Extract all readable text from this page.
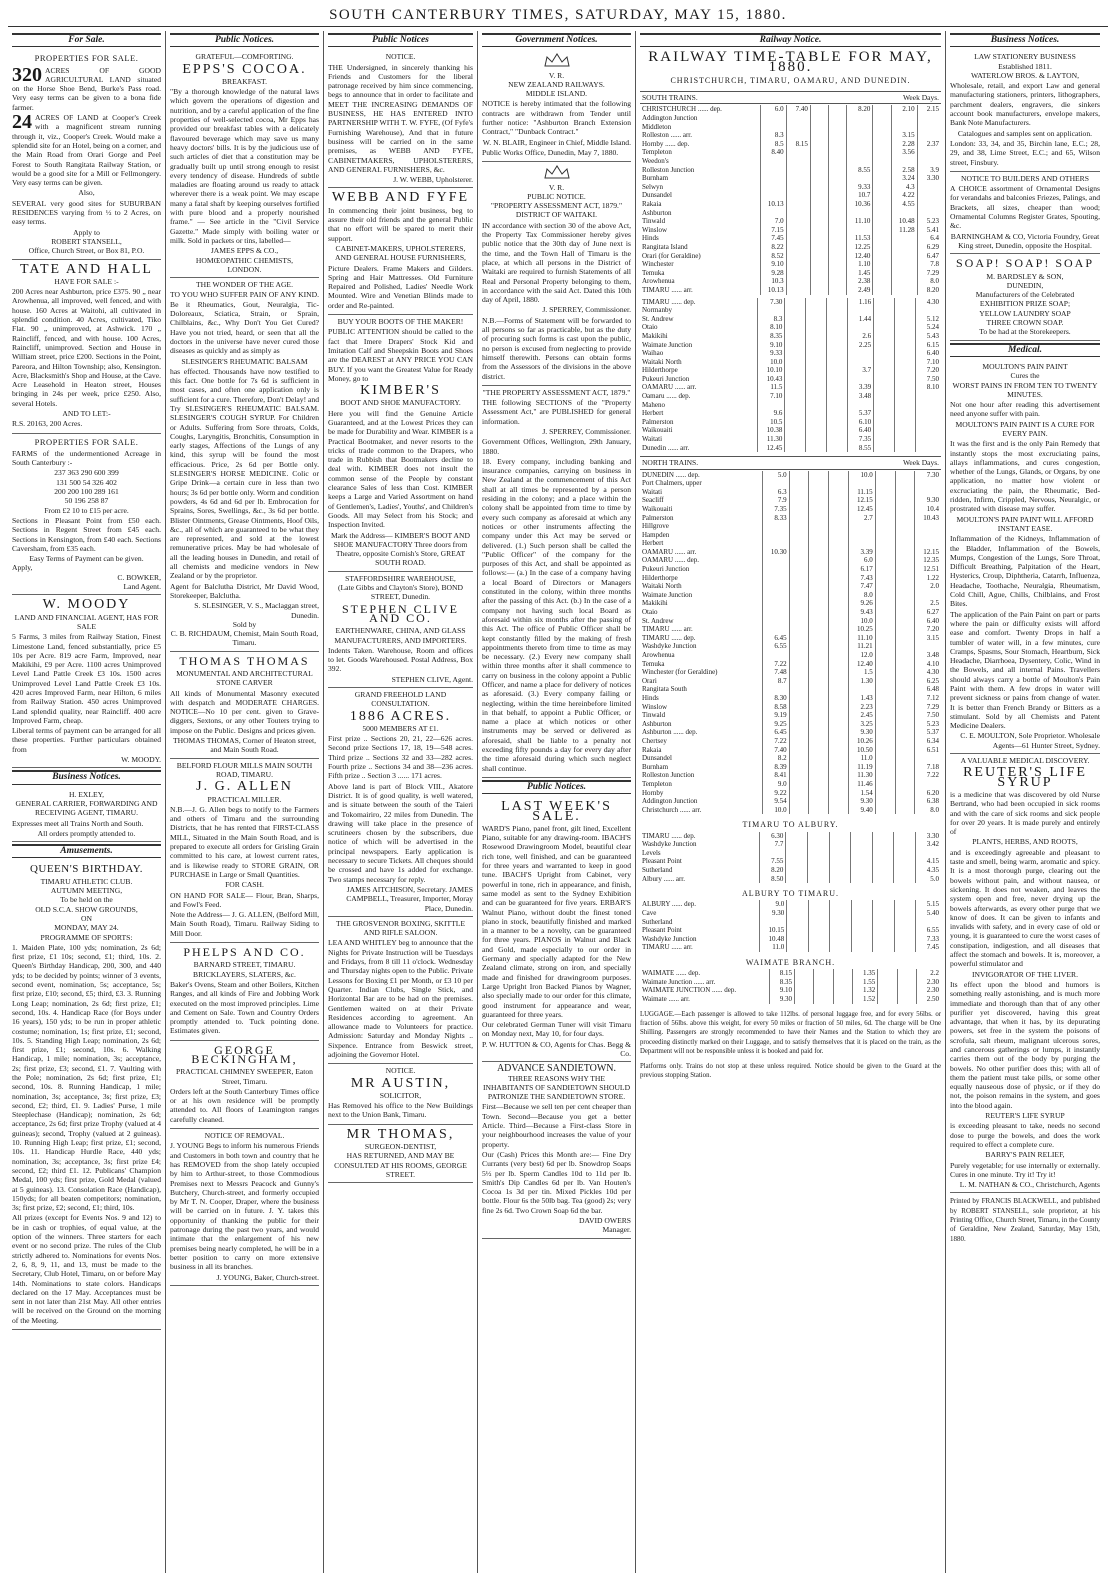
SOUTH CANTERBURY TIMES, SATURDAY, MAY 15, 1880.
For Sale.
PROPERTIES FOR SALE.
320 ACRES OF GOOD AGRICULTURAL LAND situated on the Horse Shoe Bend, Burke's Pass road. Very easy terms can be given to a bona fide farmer.
24 ACRES OF LAND at Cooper's Creek with a magnificent stream running through it, viz., Cooper's Creek. Would make a splendid site for an Hotel, being on a corner, and the Main Road from Orari Gorge and Peel Forest to South Rangitata Railway Station, or would be a good site for a Mill or Fellmongery. Very easy terms can be given.
Also,
SEVERAL very good sites for SUBURBAN RESIDENCES varying from ½ to 2 Acres, on easy terms.
Apply to
ROBERT STANSELL,
Office, Church Street, or Box 81, P.O.
TATE AND HALL
HAVE FOR SALE :-
200 Acres near Ashburton, price £375. 90 „ near Arowhenua, all improved, well fenced, and with house. 160 Acres at Waitohi, all cultivated in splendid condition. 40 Acres, cultivated, Tiko Flat. 90 „ unimproved, at Ashwick. 170 „ Raincliff, fenced, and with house. 100 Acres, Raincliff, unimproved. Section and House in William street, price £200. Sections in the Point, Pareora, and Hilton Township; also, Kensington. Acre, Blacksmith's Shop and House, at the Cave. Acre Leasehold in Heaton street, Houses bringing in 24s per week, price £250. Also, several Hotels.
AND TO LET:-
R.S. 20163, 200 Acres.
PROPERTIES FOR SALE.
FARMS of the undermentioned Acreage in South Canterbury :-
237 363 290 600 399
131 500 54 326 402
200 200 100 289 161
50 196 258 87
From £2 10 to £15 per acre.
Sections in Pleasant Point from £50 each. Sections in Regent Street from £45 each. Sections in Kensington, from £40 each. Sections Caversham, from £35 each.
Easy Terms of Payment can be given.
Apply,
C. BOWKER,
Land Agent.
W. MOODY
LAND AND FINANCIAL AGENT, HAS FOR SALE
5 Farms, 3 miles from Railway Station, Finest Limestone Land, fenced substantially, price £5 10s per Acre. 819 acre Farm, Improved, near Makikihi, £9 per Acre. 1100 acres Unimproved Level Land Pattle Creek £3 10s. 1500 acres Unimproved Level Land Pattle Creek £3 10s. 420 acres Improved Farm, near Hilton, 6 miles from Railway Station. 450 acres Unimproved Land splendid quality, near Raincliff. 400 acre Improved Farm, cheap.
Liberal terms of payment can be arranged for all these properties. Further particulars obtained from
W. MOODY.
Business Notices.
H. EXLEY,
GENERAL CARRIER, FORWARDING AND RECEIVING AGENT, TIMARU.
Expresses meet all Trains North and South.
All orders promptly attended to.
Amusements.
QUEEN'S BIRTHDAY.
TIMARU ATHLETIC CLUB.
AUTUMN MEETING,
To be held on the
OLD S.C.A. SHOW GROUNDS,
ON
MONDAY, MAY 24.
PROGRAMME OF SPORTS:
1. Maiden Plate, 100 yds; nomination, 2s 6d; first prize, £1 10s; second, £1; third, 10s. 2. Queen's Birthday Handicap, 200, 300, and 440 yds; to be decided by points; winner of 3 events, second event, nomination, 5s; acceptance, 5s; first prize, £10; second, £5; third, £3. 3. Running Long Leap; nomination, 2s 6d; first prize, £1; second, 10s. 4. Handicap Race (for Boys under 16 years), 150 yds; to be run in proper athletic costume; nomination, 1s; first prize, £1; second, 10s. 5. Standing High Leap; nomination, 2s 6d; first prize, £1; second, 10s. 6. Walking Handicap, 1 mile; nomination, 3s; acceptance, 2s; first prize, £3; second, £1. 7. Vaulting with the Pole; nomination, 2s 6d; first prize, £1; second, 10s. 8. Running Handicap, 1 mile; nomination, 3s; acceptance, 3s; first prize, £3; second, £2; third, £1. 9. Ladies' Purse, 1 mile Steeplechase (Handicap); nomination, 2s 6d; acceptance, 2s 6d; first prize Trophy (valued at 4 guineas); second, Trophy (valued at 2 guineas). 10. Running High Leap; first prize, £1; second, 10s. 11. Handicap Hurdle Race, 440 yds; nomination, 3s; acceptance, 3s; first prize £4; second, £2; third £1. 12. Publicans' Champion Medal, 100 yds; first prize, Gold Medal (valued at 5 guineas). 13. Consolation Race (Handicap), 150yds; for all beaten competitors; nomination, 3s; first prize, £2; second, £1; third, 10s.
All prizes (except for Events Nos. 9 and 12) to be in cash or trophies, of equal value, at the option of the winners. Three starters for each event or no second prize. The rules of the Club strictly adhered to. Nominations for events Nos. 2, 6, 8, 9, 11, and 13, must be made to the Secretary, Club Hotel, Timaru, on or before May 14th. Nominations to state colors. Handicaps declared on the 17 May. Acceptances must be sent in not later than 21st May. All other entries will be received on the Ground on the morning of the Meeting.
Public Notices.
GRATEFUL—COMFORTING.
EPPS'S COCOA.
BREAKFAST.
"By a thorough knowledge of the natural laws which govern the operations of digestion and nutrition, and by a careful application of the fine properties of well-selected cocoa, Mr Epps has provided our breakfast tables with a delicately flavoured beverage which may save us many heavy doctors' bills. It is by the judicious use of such articles of diet that a constitution may be gradually built up until strong enough to resist every tendency of disease. Hundreds of subtle maladies are floating around us ready to attack wherever there is a weak point. We may escape many a fatal shaft by keeping ourselves fortified with pure blood and a properly nourished frame." — See article in the "Civil Service Gazette." Made simply with boiling water or milk. Sold in packets or tins, labelled—
JAMES EPPS & CO.,
HOMŒOPATHIC CHEMISTS,
LONDON.
THE WONDER OF THE AGE.
TO YOU WHO SUFFER PAIN OF ANY KIND. Be it Rheumatics, Gout, Neuralgia, Tic-Doloreaux, Sciatica, Strain, or Sprain, Chilblains, &c., Why Don't You Get Cured? Have you not tried, heard, or seen that all the doctors in the universe have never cured those diseases as quickly and as simply as
SLESINGER'S RHEUMATIC BALSAM
has effected. Thousands have now testified to this fact. One bottle for 7s 6d is sufficient in most cases, and often one application only is sufficient for a cure. Therefore, Don't Delay! and Try SLESINGER'S RHEUMATIC BALSAM. SLESINGER'S COUGH SYRUP. For Children or Adults. Suffering from Sore throats, Colds, Coughs, Laryngitis, Bronchitis, Consumption in early stages, Affections of the Lungs of any kind, this syrup will be found the most efficacious. Price, 2s 6d per Bottle only. SLESINGER'S HORSE MEDICINE. Colic or Gripe Drink—a certain cure in less than two hours; 3s 6d per bottle only. Worm and condition powders, 4s 6d and 6d per lb. Embrocation for Sprains, Sores, Swellings, &c., 3s 6d per bottle. Blister Ointments, Grease Ointments, Hoof Oils, &c., all of which are guaranteed to be what they are represented, and sold at the lowest remunerative prices. May be had wholesale of all the leading houses in Dunedin, and retail of all chemists and medicine vendors in New Zealand or by the proprietor.
Agent for Balclutha District, Mr David Wood, Storekeeper, Balclutha.
S. SLESINGER, V. S., Maclaggan street, Dunedin.
Sold by
C. B. RICHDAUM, Chemist, Main South Road, Timaru.
THOMAS THOMAS
MONUMENTAL AND ARCHITECTURAL STONE CARVER
All kinds of Monumental Masonry executed with despatch and MODERATE CHARGES. NOTICE—No 10 per cent. given to Grave-diggers, Sextons, or any other Touters trying to impose on the Public. Designs and prices given.
THOMAS THOMAS, Corner of Heaton street, and Main South Road.
BELFORD FLOUR MILLS MAIN SOUTH ROAD, TIMARU.
J. G. ALLEN
PRACTICAL MILLER.
N.B.—J. G. Allen begs to notify to the Farmers and others of Timaru and the surrounding Districts, that he has rented that FIRST-CLASS MILL, Situated in the Main South Road, and is prepared to execute all orders for Grisling Grain committed to his care, at lowest current rates, and is likewise ready to STORE GRAIN, OR PURCHASE in Large or Small Quantities.
FOR CASH.
ON HAND FOR SALE— Flour, Bran, Sharps, and Fowl's Feed.
Note the Address— J. G. ALLEN, (Belford Mill, Main South Road), Timaru. Railway Siding to Mill Door.
PHELPS AND CO.
BARNARD STREET, TIMARU. BRICKLAYERS, SLATERS, &c.
Baker's Ovens, Steam and other Boilers, Kitchen Ranges, and all kinds of Fire and Jobbing Work executed on the most improved principles. Lime and Cement on Sale. Town and Country Orders promptly attended to. Tuck pointing done. Estimates given.
GEORGE BECKINGHAM,
PRACTICAL CHIMNEY SWEEPER, Eaton Street, Timaru.
Orders left at the South Canterbury Times office or at his own residence will be promptly attended to. All floors of Leamington ranges carefully cleaned.
NOTICE OF REMOVAL.
J. YOUNG Begs to inform his numerous Friends and Customers in both town and country that he has REMOVED from the shop lately occupied by him to Arthur-street, to those Commodious Premises next to Messrs Peacock and Gunny's Butchery, Church-street, and formerly occupied by Mr T. N. Cooper, Draper, where the business will be carried on in future. J. Y. takes this opportunity of thanking the public for their patronage during the past two years, and would intimate that the enlargement of his new premises being nearly completed, he will be in a better position to carry on more extensive business in all its branches.
J. YOUNG, Baker, Church-street.
Public Notices
NOTICE.
THE Undersigned, in sincerely thanking his Friends and Customers for the liberal patronage received by him since commencing, begs to announce that in order to facilitate and MEET THE INCREASING DEMANDS OF BUSINESS, HE HAS ENTERED INTO PARTNERSHIP WITH T. W. FYFE, (Of Fyfe's Furnishing Warehouse), And that in future business will be carried on in the same premises, as WEBB AND FYFE, CABINETMAKERS, UPHOLSTERERS, AND GENERAL FURNISHERS, &c.
J. W. WEBB, Upholsterer.
WEBB AND FYFE
In commencing their joint business, beg to assure their old friends and the general Public that no effort will be spared to merit their support.
CABINET-MAKERS, UPHOLSTERERS, AND GENERAL HOUSE FURNISHERS,
Picture Dealers. Frame Makers and Gilders. Spring and Hair Mattresses. Old Furniture Repaired and Polished, Ladies' Needle Work Mounted. Wire and Venetian Blinds made to order and Re-painted.
BUY YOUR BOOTS OF THE MAKER!
PUBLIC ATTENTION should be called to the fact that Imere Drapers' Stock Kid and Imitation Calf and Sheepskin Boots and Shoes are the DEAREST at ANY PRICE YOU CAN BUY. If you want the Greatest Value for Ready Money, go to
KIMBER'S
BOOT AND SHOE MANUFACTORY.
Here you will find the Genuine Article Guaranteed, and at the Lowest Prices they can be made for Durability and Wear. KIMBER is a Practical Bootmaker, and never resorts to the tricks of trade common to the Drapers, who trade in Rubbish that Bootmakers decline to deal with. KIMBER does not insult the common sense of the People by constant clearance Sales of less than Cost. KIMBER keeps a Large and Varied Assortment on hand of Gentlemen's, Ladies', Youths', and Children's Goods. All may Select from his Stock; and Inspection Invited.
Mark the Address— KIMBER'S BOOT AND SHOE MANUFACTORY Three doors from Theatre, opposite Cornish's Store, GREAT SOUTH ROAD.
STAFFORDSHIRE WAREHOUSE,
(Late Gibbs and Clayton's Store), BOND STREET, Dunedin.
STEPHEN CLIVE AND CO.
EARTHENWARE, CHINA, AND GLASS MANUFACTURERS, AND IMPORTERS.
Indents Taken. Warehouse, Room and offices to let. Goods Warehoused. Postal Address, Box 392.
STEPHEN CLIVE, Agent.
GRAND FREEHOLD LAND CONSULTATION.
1886 ACRES.
5000 MEMBERS AT £1.
First prize .. Sections 20, 21, 22—626 acres. Second prize Sections 17, 18, 19—548 acres. Third prize .. Sections 32 and 33—282 acres. Fourth prize .. Sections 34 and 38—236 acres. Fifth prize .. Section 3 ...... 171 acres.
Above land is part of Block VIII., Akatore District. It is of good quality, is well watered, and is situate between the south of the Taieri and Tokomairiro, 22 miles from Dunedin. The drawing will take place in the presence of scrutineers chosen by the subscribers, due notice of which will be advertised in the principal newspapers. Early application is necessary to secure Tickets. All cheques should be crossed and have 1s added for exchange. Two stamps necessary for reply.
JAMES AITCHISON, Secretary. JAMES CAMPBELL, Treasurer, Importer, Moray Place, Dunedin.
THE GROSVENOR BOXING, SKITTLE AND RIFLE SALOON.
LEA AND WHITLEY beg to announce that the Nights for Private Instruction will be Tuesdays and Fridays, from 8 till 11 o'clock. Wednesday and Thursday nights open to the Public. Private Lessons for Boxing £1 per Month, or £3 10 per Quarter. Indian Clubs, Single Stick, and Horizontal Bar are to be had on the premises. Gentlemen waited on at their Private Residences according to agreement. An allowance made to Volunteers for practice. Admission: Saturday and Monday Nights .. Sixpence. Entrance from Beswick street, adjoining the Governor Hotel.
NOTICE.
MR AUSTIN,
SOLICITOR,
Has Removed his office to the New Buildings next to the Union Bank, Timaru.
MR THOMAS,
SURGEON-DENTIST,
HAS RETURNED, AND MAY BE CONSULTED AT HIS ROOMS, GEORGE STREET.
Government Notices.
V. R.
NEW ZEALAND RAILWAYS.
MIDDLE ISLAND.
NOTICE is hereby intimated that the following contracts are withdrawn from Tender until further notice: "Ashburton Branch Extension Contract," "Dunback Contract."
W. N. BLAIR, Engineer in Chief, Middle Island.
Public Works Office, Dunedin, May 7, 1880.
V. R.
PUBLIC NOTICE.
"PROPERTY ASSESSMENT ACT, 1879."
DISTRICT OF WAITAKI.
IN accordance with section 30 of the above Act, the Property Tax Commissioner hereby gives public notice that the 30th day of June next is the time, and the Town Hall of Timaru is the place, at which all persons in the District of Waitaki are required to furnish Statements of all Real and Personal Property belonging to them, in accordance with the said Act. Dated this 10th day of April, 1880.
J. SPERREY, Commissioner.
N.B.—Forms of Statement will be forwarded to all persons so far as practicable, but as the duty of procuring such forms is cast upon the public, no person is excused from neglecting to provide himself therewith. Persons can obtain forms from the Assessors of the divisions in the above district.
"THE PROPERTY ASSESSMENT ACT, 1879."
THE following SECTIONS of the "Property Assessment Act," are PUBLISHED for general information.
J. SPERREY, Commissioner.
Government Offices, Wellington, 29th January, 1880.
18. Every company, including banking and insurance companies, carrying on business in New Zealand at the commencement of this Act shall at all times be represented by a person residing in the colony; and a place within the colony shall be appointed from time to time by every such company as aforesaid at which any notices or other instruments affecting the company under this Act may be served or delivered. (1.) Such person shall be called the "Public Officer" of the company for the purposes of this Act, and shall be appointed as follows:— (a.) In the case of a company having a local Board of Directors or Managers constituted in the colony, within three months after the passing of this Act. (b.) In the case of a company not having such local Board as aforesaid within six months after the passing of this Act. The office of Public Officer shall be kept constantly filled by the making of fresh appointments thereto from time to time as may be necessary. (2.) Every new company shall within three months after it shall commence to carry on business in the colony appoint a Public Officer, and name a place for delivery of notices as aforesaid. (3.) Every company failing or neglecting, within the time hereinbefore limited in that behalf, to appoint a Public Officer, or name a place at which notices or other instruments may be served or delivered as aforesaid, shall be liable to a penalty not exceeding fifty pounds a day for every day after the time aforesaid during which such neglect shall continue.
Public Notices.
LAST WEEK'S SALE.
WARD'S Piano, panel front, gilt lined, Excellent Piano, suitable for any drawing-room. IBACH'S Rosewood Drawingroom Model, beautiful clear rich tone, well finished, and can be guaranteed for three years and warranted to keep in good tune. IBACH'S Upright from Cabinet, very powerful in tone, rich in appearance, and finish, same model as sent to the Sydney Exhibition and can be guaranteed for five years. ERBAR'S Walnut Piano, without doubt the finest toned piano in stock, beautifully finished and marked in a manner to be a novelty, can be guaranteed for three years. PIANOS in Walnut and Black and Gold, made especially to our order in Germany and specially adapted for the New Zealand climate, strong on iron, and specially made and finished for drawingroom purposes. Large Upright Iron Backed Pianos by Wagner, also specially made to our order for this climate, good instrument for appearance and wear, guaranteed for three years.
Our celebrated German Tuner will visit Timaru on Monday next, May 10, for four days.
P. W. HUTTON & CO, Agents for Chas. Begg & Co.
ADVANCE SANDIETOWN.
THREE REASONS WHY THE INHABITANTS OF SANDIETOWN SHOULD PATRONIZE THE SANDIETOWN STORE.
First—Because we sell ten per cent cheaper than Town. Second—Because you get a better Article. Third—Because a First-class Store in your neighbourhood increases the value of your property.
Our (Cash) Prices this Month are:— Fine Dry Currants (very best) 6d per lb. Snowdrop Soaps 5½ per lb. Sperm Candles 10d to 11d per lb. Smith's Dip Candles 6d per lb. Van Houten's Cocoa 1s 3d per tin. Mixed Pickles 10d per bottle. Flour 6s the 50lb bag. Tea (good) 2s; very fine 2s 6d. Two Crown Soap 6d the bar.
DAVID OWERS
Manager.
Railway Notice.
RAILWAY TIME-TABLE FOR MAY, 1880.
CHRISTCHURCH, TIMARU, OAMARU, AND DUNEDIN.
SOUTH TRAINS.	Week Days.
CHRISTCHURCH ...... dep.	6.0	7.40			8.20		2.10	2.15
Addington Junction								
Middleton								
Rolleston ...... arr.	8.3						3.15	
Hornby ...... dep.	8.5	8.15					2.28	2.37
Templeton	8.40						3.56	
Weedon's								
Rolleston Junction					8.55		2.58	3.9
Burnham							3.24	3.30
Selwyn					9.33		4.3	
Dunsandel					10.7		4.22	
Rakaia	10.13				10.36		4.55	
Ashburton								
Tinwald	7.0				11.10		10.48	5.23
Winslow	7.15						11.28	5.41
Hinds	7.45				11.53			6.4
Rangitata Island	8.22				12.25			6.29
Orari (for Geraldine)	8.52				12.40			6.47
Winchester	9.10				1.10			7.8
Temuka	9.28				1.45			7.29
Arowhenua	10.3				2.38			8.0
TIMARU ...... arr.	10.13				2.49			8.20
TIMARU ...... dep.	7.30				1.16			4.30
Normanby								
St. Andrew	8.3				1.44			5.12
Otaio	8.10							5.24
Makikihi	8.35				2.6			5.43
Waimate Junction	9.10				2.25			6.15
Waihao	9.33							6.40
Waitaki North	10.0							7.10
Hilderthorpe	10.10				3.7			7.20
Pukeuri Junction	10.43							7.50
OAMARU ...... arr.	11.5				3.39			8.10
Oamaru ...... dep.	7.10				3.48			
Maheno								
Herbert	9.6				5.37			
Palmerston	10.5				6.10			
Waikouaiti	10.38				6.40			
Waitati	11.30				7.35			
Dunedin ...... arr.	12.45				8.55			
NORTH TRAINS.	Week Days.
DUNEDIN ...... dep.	5.0				10.0			7.30
Port Chalmers, upper								
Waitati	6.3				11.15			
Seacliff	7.9				12.15			9.30
Waikouaiti	7.35				12.45			10.4
Palmerston	8.33				2.7			10.43
Hillgrove								
Hampden								
Herbert								
OAMARU ...... arr.	10.30				3.39			12.15
OAMARU ...... dep.					6.0			12.35
Pukeuri Junction					6.17			12.51
Hilderthorpe					7.43			1.22
Waitaki North					7.47			2.0
Waimate Junction					8.0			
Makikihi					9.26			2.5
Otaio					9.43			6.27
St. Andrew					10.0			6.40
TIMARU ...... arr.					10.25			7.20
TIMARU ...... dep.	6.45				11.10			3.15
Washdyke Junction	6.55				11.21			
Arowhenua					12.0			3.48
Temuka	7.22				12.40			4.10
Winchester (for Geraldine)	7.48				1.5			4.30
Orari	8.7				1.30			6.25
Rangitata South								6.48
Hinds	8.30				1.43			7.12
Winslow	8.58				2.23			7.29
Tinwald	9.19				2.45			7.50
Ashburton	9.25				3.25			5.23
Ashburton ...... dep.	6.45				9.30			5.37
Chertsey	7.22				10.26			6.34
Rakaia	7.40				10.50			6.51
Dunsandel	8.2				11.0			
Burnham	8.39				11.19			7.18
Rolleston Junction	8.41				11.30			7.22
Templeton	9.0				11.46			
Hornby	9.22				1.54			6.20
Addington Junction	9.54				9.30			6.38
Christchurch ...... arr.	10.0				9.40			8.0
TIMARU TO ALBURY.
TIMARU ...... dep.	6.30							3.30
Washdyke Junction	7.7							3.42
Levels								
Pleasant Point	7.55							4.15
Sutherland	8.20							4.35
Albury ...... arr.	8.50							5.0
ALBURY TO TIMARU.
ALBURY ...... dep.	9.0							5.15
Cave	9.30							5.40
Sutherland								
Pleasant Point	10.15							6.55
Washdyke Junction	10.48							7.33
TIMARU ...... arr.	11.0							7.45
WAIMATE BRANCH.
WAIMATE ...... dep.	8.15				1.35			2.2
Waimate Junction ...... arr.	8.35				1.55			2.30
WAIMATE JUNCTION ...... dep.	9.10				1.32			2.30
Waimate ...... arr.	9.30				1.52			2.50
LUGGAGE.—Each passenger is allowed to take 112lbs. of personal luggage free, and for every 56lbs. or fraction of 56lbs. above this weight, for every 50 miles or fraction of 50 miles, 6d. The charge will be One Shilling. Passengers are strongly recommended to have their Names and the Station to which they are proceeding distinctly marked on their Luggage, and to satisfy themselves that it is placed on the train, as the Department will not be responsible unless it is booked and paid for.
Platforms only. Trains do not stop at these unless required. Notice should be given to the Guard at the previous stopping Station.
Business Notices.
LAW STATIONERY BUSINESS
Established 1811.
WATERLOW BROS. & LAYTON,
Wholesale, retail, and export Law and general manufacturing stationers, printers, lithographers, parchment dealers, engravers, die sinkers account book manufacturers, envelope makers, Bank Note Manufacturers.
Catalogues and samples sent on application.
London: 33, 34, and 35, Birchin lane, E.C.; 28, 29, and 38, Lime Street, E.C.; and 65, Wilson street, Finsbury.
NOTICE TO BUILDERS AND OTHERS
A CHOICE assortment of Ornamental Designs for verandahs and balconies Friezes, Palings, and Brackets, all sizes, cheaper than wood; Ornamental Columns Register Grates, Spouting, &c.
BARNINGHAM & CO, Victoria Foundry, Great King street, Dunedin, opposite the Hospital.
SOAP! SOAP! SOAP
M. BARDSLEY & SON,
DUNEDIN,
Manufacturers of the Celebrated
EXHIBITION PRIZE SOAP;
YELLOW LAUNDRY SOAP
THREE CROWN SOAP.
To be had at the Storekeepers.
Medical.
MOULTON'S PAIN PAINT
Cures the
WORST PAINS IN FROM TEN TO TWENTY MINUTES.
Not one hour after reading this advertisement need anyone suffer with pain.
MOULTON'S PAIN PAINT IS A CURE FOR EVERY PAIN.
It was the first and is the only Pain Remedy that instantly stops the most excruciating pains, allays inflammations, and cures congestion, whether of the Lungs, Glands, or Organs, by one application, no matter how violent or excruciating the pain, the Rheumatic, Bed-ridden, Infirm, Crippled, Nervous, Neuralgic, or prostrated with disease may suffer.
MOULTON'S PAIN PAINT WILL AFFORD INSTANT EASE.
Inflammation of the Kidneys, Inflammation of the Bladder, Inflammation of the Bowels, Mumps, Congestion of the Lungs, Sore Throat, Difficult Breathing, Palpitation of the Heart, Hysterics, Croup, Diphtheria, Catarrh, Influenza, Headache, Toothache, Neuralgia, Rheumatism, Cold Chill, Ague, Chills, Chilblains, and Frost Bites.
The application of the Pain Paint on part or parts where the pain or difficulty exists will afford ease and comfort. Twenty Drops in half a tumbler of water will, in a few minutes, cure Cramps, Spasms, Sour Stomach, Heartburn, Sick Headache, Diarrhoea, Dysentery, Colic, Wind in the Bowels, and all internal Pains. Travellers should always carry a bottle of Moulton's Pain Paint with them. A few drops in water will prevent sickness or pains from change of water. It is better than French Brandy or Bitters as a stimulant. Sold by all Chemists and Patent Medicine Dealers.
C. E. MOULTON, Sole Proprietor. Wholesale Agents—61 Hunter Street, Sydney.
A VALUABLE MEDICAL DISCOVERY.
REUTER'S LIFE SYRUP
is a medicine that was discovered by old Nurse Bertrand, who had been occupied in sick rooms and with the care of sick rooms and sick people for over 20 years. It is made purely and entirely of
PLANTS, HERBS, AND ROOTS,
and is exceedingly agreeable and pleasant to taste and smell, being warm, aromatic and spicy. It is a most thorough purge, clearing out the bowels without pain, and without nausea, or sickening. It does not weaken, and leaves the system open and free, never drying up the bowels afterwards, as every other purge that we know of does. It can be given to infants and invalids with safety, and in every case of old or young, it is guaranteed to cure the worst cases of constipation, indigestion, and all diseases that affect the stomach and bowels. It is, moreover, a powerful stimulator and
INVIGORATOR OF THE LIVER.
Its effect upon the blood and humors is something really astonishing, and is much more immediate and thorough than that of any other purifier yet discovered, having this great advantage, that when it has, by its depurating powers, set free in the system the poisons of scrofula, salt rheum, malignant ulcerous sores, and cancerous gatherings or lumps, it instantly carries them out of the body by purging the bowels. No other purifier does this; with all of them the patient must take pills, or some other equally nauseous dose of physic, or if they do not, the poison remains in the system, and goes into the blood again.
REUTER'S LIFE SYRUP
is exceeding pleasant to take, needs no second dose to purge the bowels, and does the work required to effect a complete cure.
BARRY'S PAIN RELIEF,
Purely vegetable; for use internally or externally. Cures in one minute. Try it! Try it!
L. M. NATHAN & CO., Christchurch, Agents
Printed by FRANCIS BLACKWELL, and published by ROBERT STANSELL, sole proprietor, at his Printing Office, Church Street, Timaru, in the County of Geraldine, New Zealand, Saturday, May 15th, 1880.
